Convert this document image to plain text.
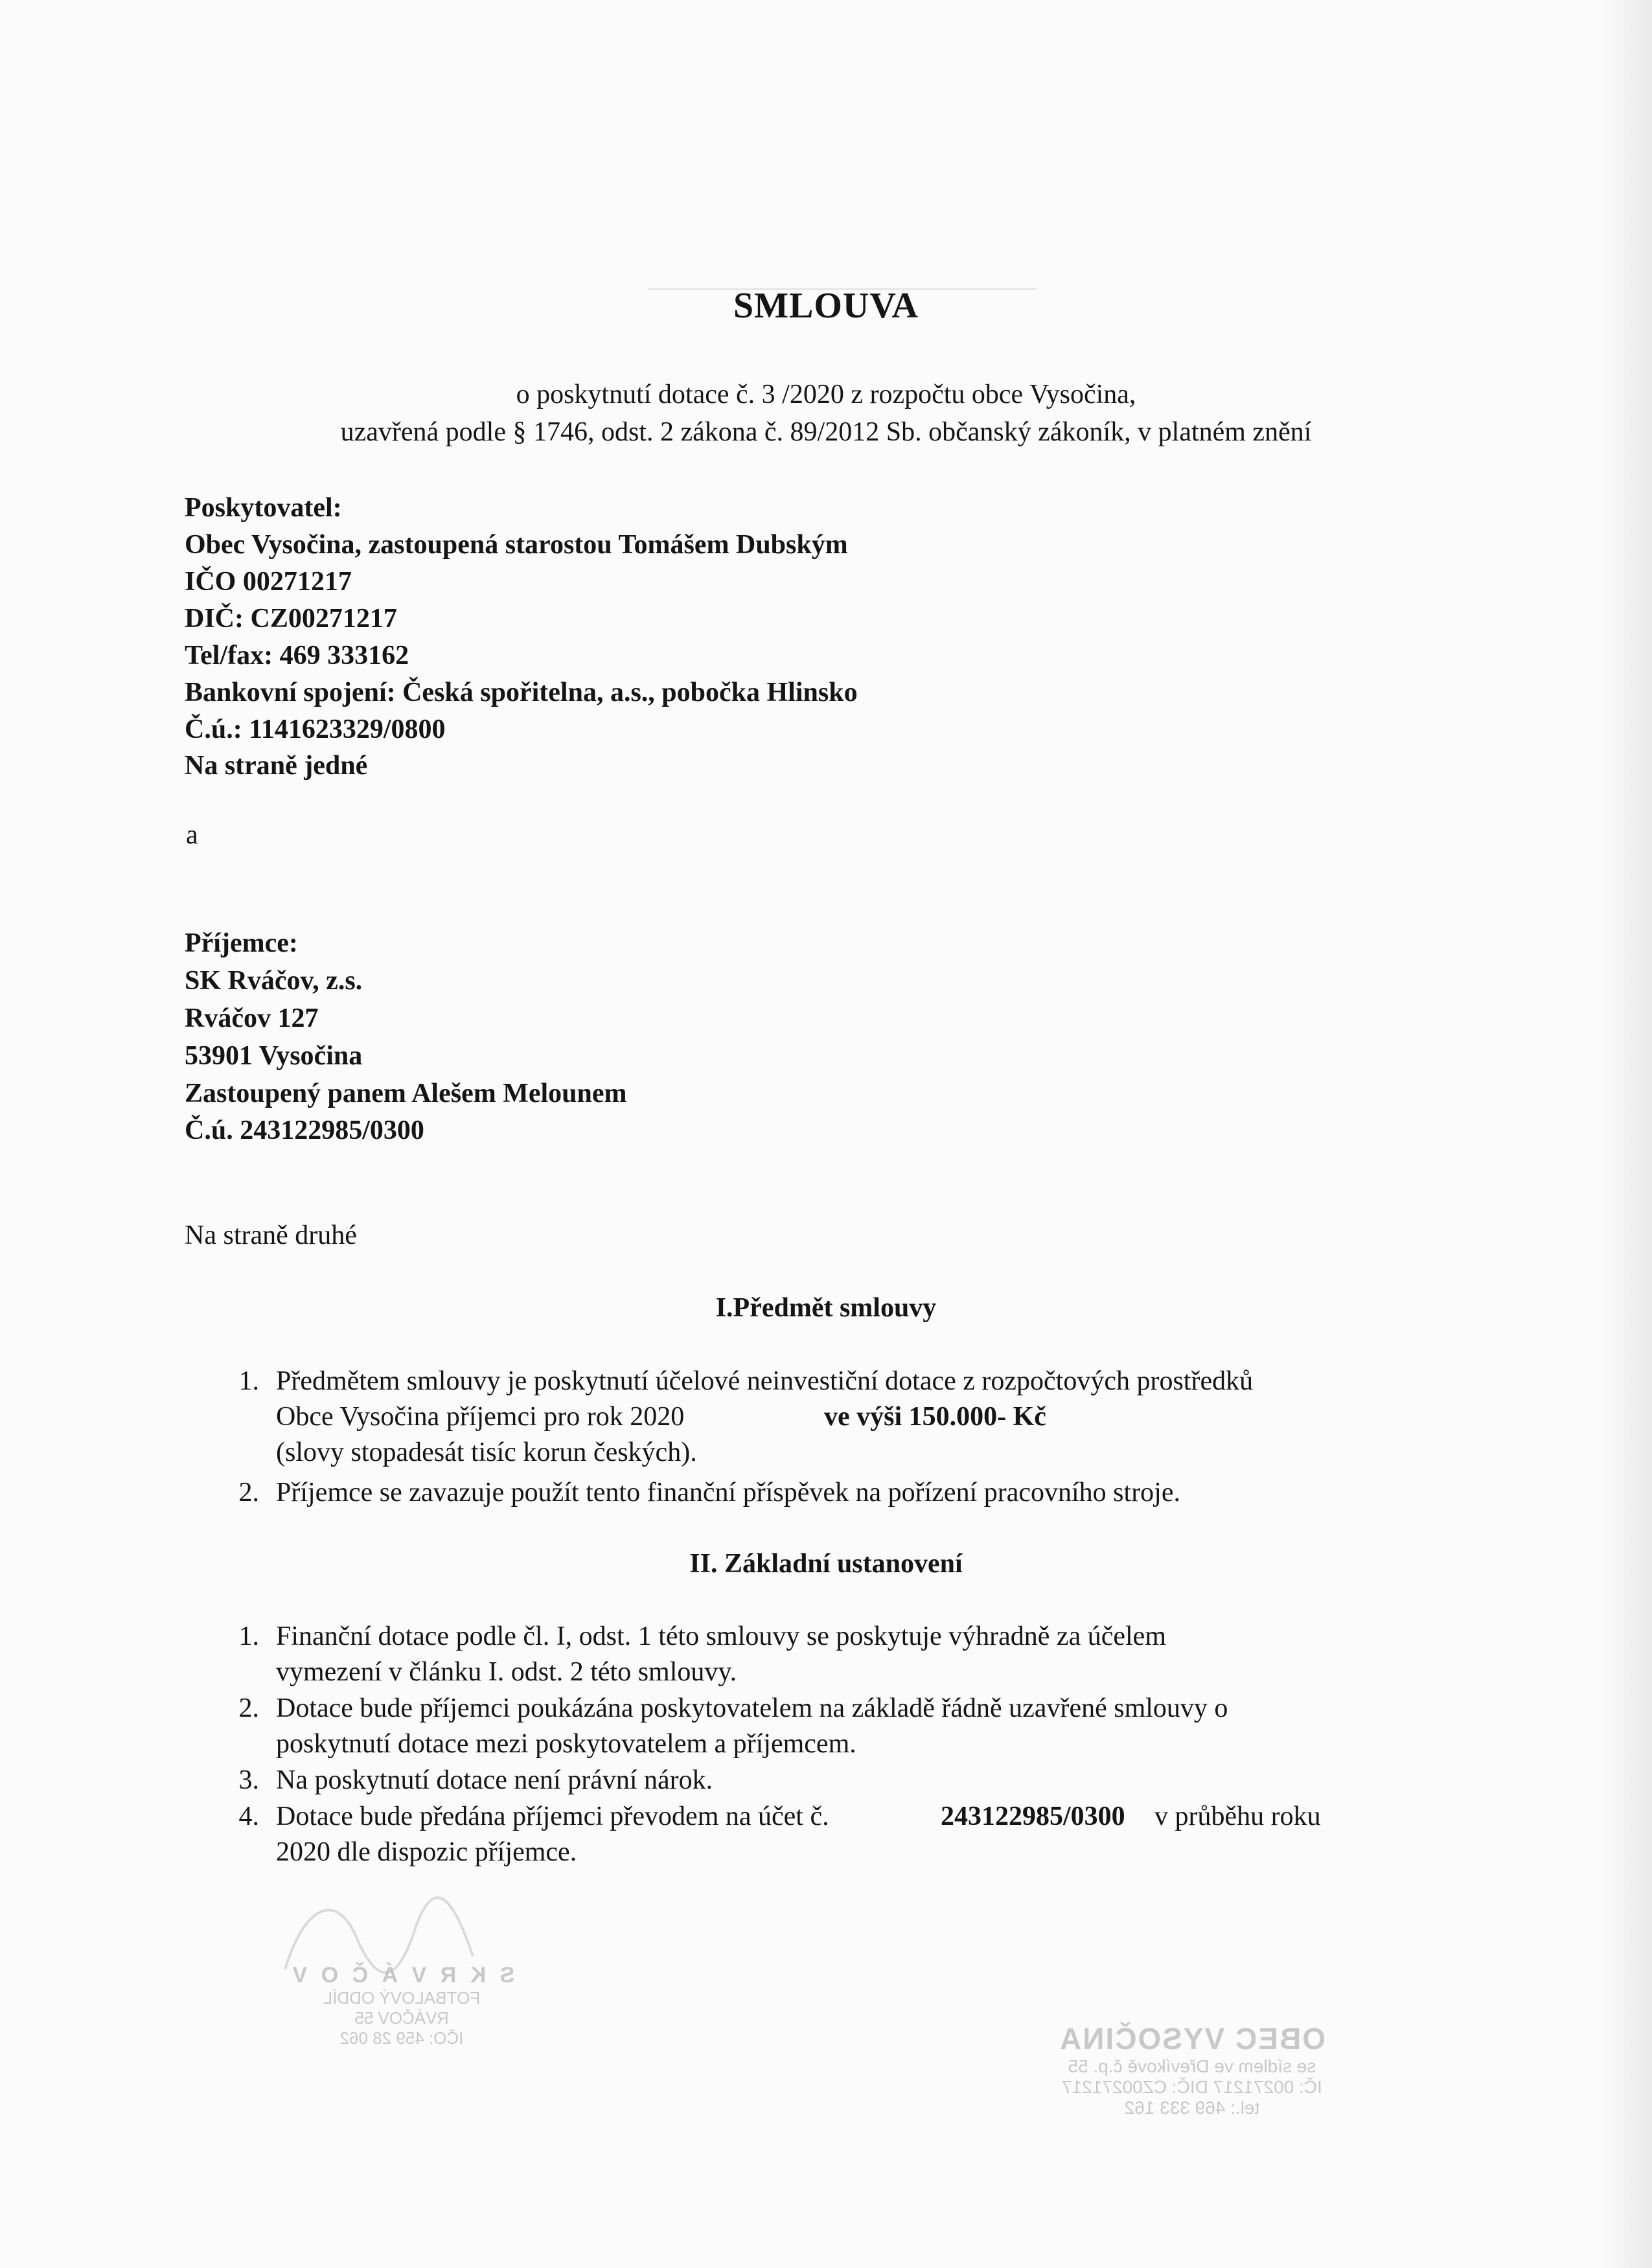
SMLOUVA
o poskytnutí dotace č. 3 /2020 z rozpočtu obce Vysočina,
uzavřená podle § 1746, odst. 2 zákona č. 89/2012 Sb. občanský zákoník, v platném znění
Poskytovatel:
Obec Vysočina, zastoupená starostou Tomášem Dubským
IČO 00271217
DIČ: CZ00271217
Tel/fax: 469 333162
Bankovní spojení: Česká spořitelna, a.s., pobočka Hlinsko
Č.ú.: 1141623329/0800
Na straně jedné
a
Příjemce:
SK Rváčov, z.s.
Rváčov 127
53901 Vysočina
Zastoupený panem Alešem Melounem
Č.ú. 243122985/0300
Na straně druhé
I.Předmět smlouvy
1. Předmětem smlouvy je poskytnutí účelové neinvestiční dotace z rozpočtových prostředků
Obce Vysočina příjemci pro rok 2020	ve výši 150.000- Kč
(slovy stopadesát tisíc korun českých).
2. Příjemce se zavazuje použít tento finanční příspěvek na pořízení pracovního stroje.
II. Základní ustanovení
1. Finanční dotace podle čl. I, odst. 1 této smlouvy se poskytuje výhradně za účelem
vymezení v článku I. odst. 2 této smlouvy.
2. Dotace bude příjemci poukázána poskytovatelem na základě řádně uzavřené smlouvy o
poskytnutí dotace mezi poskytovatelem a příjemcem.
3. Na poskytnutí dotace není právní nárok.
4. Dotace bude předána příjemci převodem na účet č.	243122985/0300 v průběhu roku
2020 dle dispozic příjemce.
S K R V Á Č O V
FOTBALOVÝ ODDÍL
RVÁČOV 55
IČO: 459 28 062	OBEC VYSOČINA
se sídlem ve Dřevíkově č.p. 55
IČ: 00271217 DIČ: CZ00271217
tel.: 469 333 162
